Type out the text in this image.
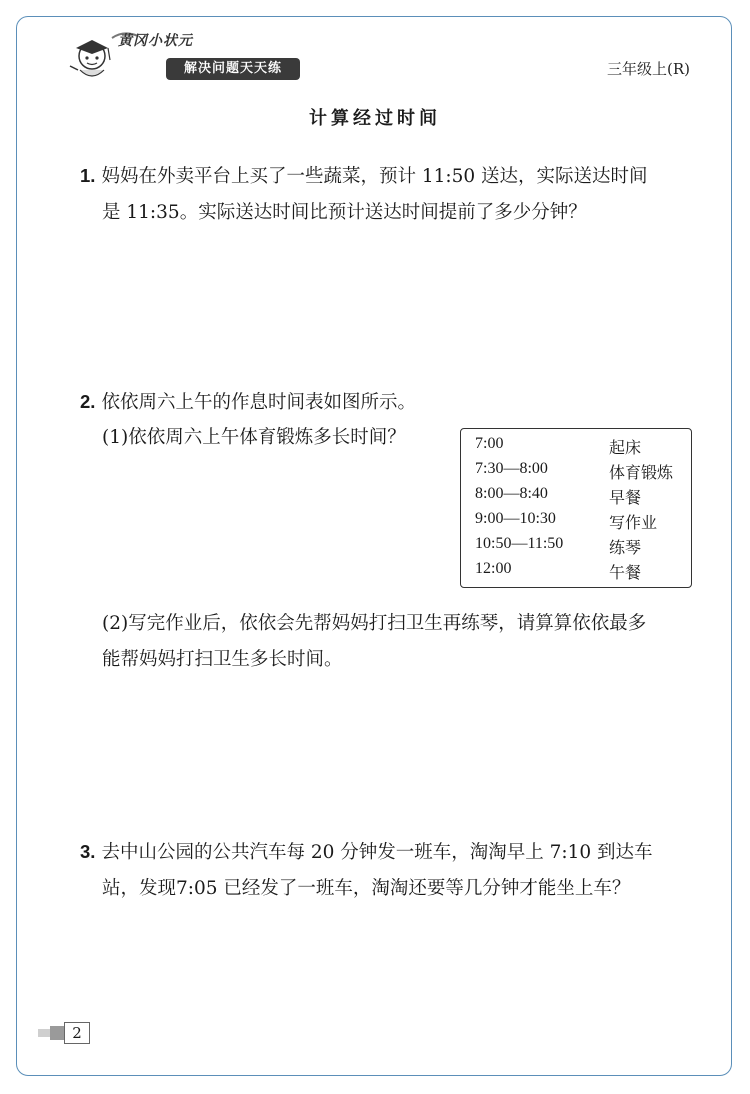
黄冈小状元
解决问题天天练	三年级上(R)
计算经过时间
1. 妈妈在外卖平台上买了一些蔬菜，预计 11:50 送达，实际送达时间
是 11:35。实际送达时间比预计送达时间提前了多少分钟？
2. 依依周六上午的作息时间表如图所示。
(1)依依周六上午体育锻炼多长时间？	7:00	起床
7:30—8:00	体育锻炼
8:00—8:40	早餐
9:00—10:30	写作业
10:50—11:50	练琴
12:00	午餐
(2)写完作业后，依依会先帮妈妈打扫卫生再练琴，请算算依依最多
能帮妈妈打扫卫生多长时间。
3. 去中山公园的公共汽车每 20 分钟发一班车，淘淘早上 7:10 到达车
站，发现7:05 已经发了一班车，淘淘还要等几分钟才能坐上车？
2
